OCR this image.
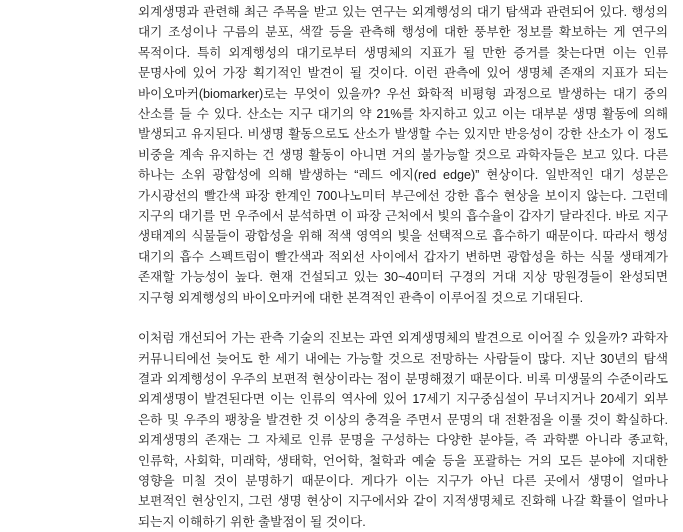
외계생명과 관련해 최근 주목을 받고 있는 연구는 외계행성의 대기 탐색과 관련되어 있다. 행성의 대기 조성이나 구름의 분포, 색깔 등을 관측해 행성에 대한 풍부한 정보를 확보하는 게 연구의 목적이다. 특히 외계행성의 대기로부터 생명체의 지표가 될 만한 증거를 찾는다면 이는 인류 문명사에 있어 가장 획기적인 발견이 될 것이다. 이런 관측에 있어 생명체 존재의 지표가 되는 바이오마커(biomarker)로는 무엇이 있을까? 우선 화학적 비평형 과정으로 발생하는 대기 중의 산소를 들 수 있다. 산소는 지구 대기의 약 21%를 차지하고 있고 이는 대부분 생명 활동에 의해 발생되고 유지된다. 비생명 활동으로도 산소가 발생할 수는 있지만 반응성이 강한 산소가 이 정도 비중을 계속 유지하는 건 생명 활동이 아니면 거의 불가능할 것으로 과학자들은 보고 있다. 다른 하나는 소위 광합성에 의해 발생하는 “레드 에지(red edge)” 현상이다. 일반적인 대기 성분은 가시광선의 빨간색 파장 한계인 700나노미터 부근에선 강한 흡수 현상을 보이지 않는다. 그런데 지구의 대기를 먼 우주에서 분석하면 이 파장 근처에서 빛의 흡수율이 갑자기 달라진다. 바로 지구 생태계의 식물들이 광합성을 위해 적색 영역의 빛을 선택적으로 흡수하기 때문이다. 따라서 행성 대기의 흡수 스펙트럼이 빨간색과 적외선 사이에서 갑자기 변하면 광합성을 하는 식물 생태계가 존재할 가능성이 높다. 현재 건설되고 있는 30~40미터 구경의 거대 지상 망원경들이 완성되면 지구형 외계행성의 바이오마커에 대한 본격적인 관측이 이루어질 것으로 기대된다.

이처럼 개선되어 가는 관측 기술의 진보는 과연 외계생명체의 발견으로 이어질 수 있을까? 과학자 커뮤니티에선 늦어도 한 세기 내에는 가능할 것으로 전망하는 사람들이 많다. 지난 30년의 탐색 결과 외계행성이 우주의 보편적 현상이라는 점이 분명해졌기 때문이다. 비록 미생물의 수준이라도 외계생명이 발견된다면 이는 인류의 역사에 있어 17세기 지구중심설이 무너지거나 20세기 외부 은하 및 우주의 팽창을 발견한 것 이상의 충격을 주면서 문명의 대 전환점을 이룰 것이 확실하다. 외계생명의 존재는 그 자체로 인류 문명을 구성하는 다양한 분야들, 즉 과학뿐 아니라 종교학, 인류학, 사회학, 미래학, 생태학, 언어학, 철학과 예술 등을 포괄하는 거의 모든 분야에 지대한 영향을 미칠 것이 분명하기 때문이다. 게다가 이는 지구가 아닌 다른 곳에서 생명이 얼마나 보편적인 현상인지, 그런 생명 현상이 지구에서와 같이 지적생명체로 진화해 나갈 확률이 얼마나 되는지 이해하기 위한 출발점이 될 것이다.
